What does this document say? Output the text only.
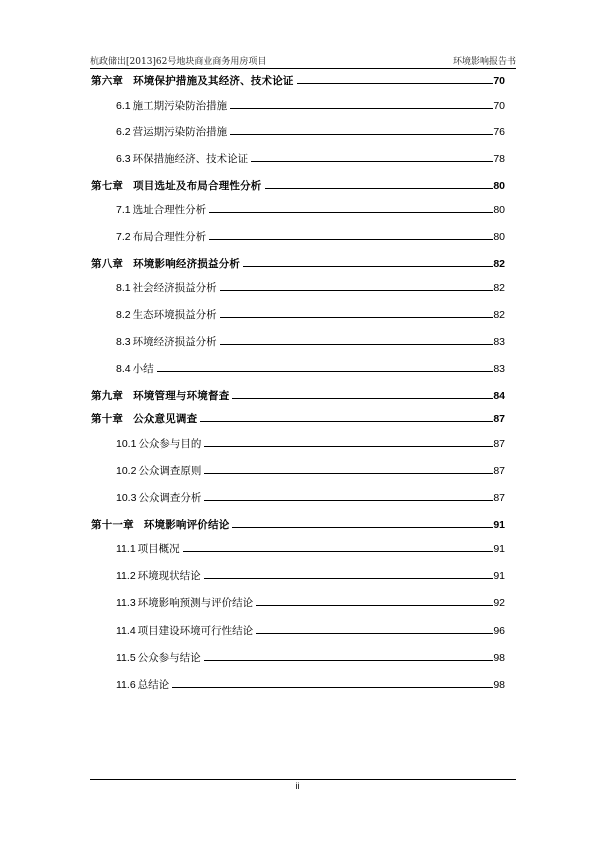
杭政储出[2013]62号地块商业商务用房项目	环境影响报告书
第六章 环境保护措施及其经济、技术论证	70
6.1 施工期污染防治措施	70
6.2 营运期污染防治措施	76
6.3 环保措施经济、技术论证	78
第七章 项目选址及布局合理性分析	80
7.1 选址合理性分析	80
7.2 布局合理性分析	80
第八章 环境影响经济损益分析	82
8.1 社会经济损益分析	82
8.2 生态环境损益分析	82
8.3 环境经济损益分析	83
8.4 小结	83
第九章 环境管理与环境督查	84
第十章 公众意见调查	87
10.1 公众参与目的	87
10.2 公众调查原则	87
10.3 公众调查分析	87
第十一章 环境影响评价结论	91
11.1 项目概况	91
11.2 环境现状结论	91
11.3 环境影响预测与评价结论	92
11.4 项目建设环境可行性结论	96
11.5 公众参与结论	98
11.6 总结论	98
ii
